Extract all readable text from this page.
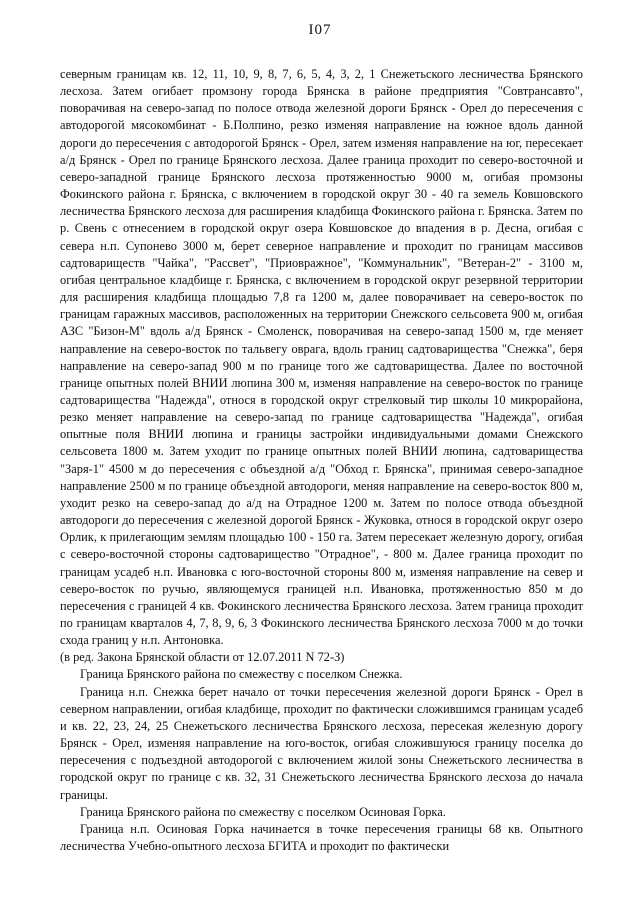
I07

северным границам кв. 12, 11, 10, 9, 8, 7, 6, 5, 4, 3, 2, 1 Снежетьского лесничества Брянского лесхоза. Затем огибает промзону города Брянска в районе предприятия "Совтрансавто", поворачивая на северо-запад по полосе отвода железной дороги Брянск - Орел до пересечения с автодорогой мясокомбинат - Б.Полпино, резко изменяя направление на южное вдоль данной дороги до пересечения с автодорогой Брянск - Орел, затем изменяя направление на юг, пересекает а/д Брянск - Орел по границе Брянского лесхоза. Далее граница проходит по северо-восточной и северо-западной границе Брянского лесхоза протяженностью 9000 м, огибая промзоны Фокинского района г. Брянска, с включением в городской округ 30 - 40 га земель Ковшовского лесничества Брянского лесхоза для расширения кладбища Фокинского района г. Брянска. Затем по р. Свень с отнесением в городской округ озера Ковшовское до впадения в р. Десна, огибая с севера н.п. Супонево 3000 м, берет северное направление и проходит по границам массивов садтовариществ "Чайка", "Рассвет", "Приовражное", "Коммунальник", "Ветеран-2" - 3100 м, огибая центральное кладбище г. Брянска, с включением в городской округ резервной территории для расширения кладбища площадью 7,8 га 1200 м, далее поворачивает на северо-восток по границам гаражных массивов, расположенных на территории Снежского сельсовета 900 м, огибая АЗС "Бизон-М" вдоль а/д Брянск - Смоленск, поворачивая на северо-запад 1500 м, где меняет направление на северо-восток по тальвегу оврага, вдоль границ садтоварищества "Снежка", беря направление на северо-запад 900 м по границе того же садтоварищества. Далее по восточной границе опытных полей ВНИИ люпина 300 м, изменяя направление на северо-восток по границе садтоварищества "Надежда", относя в городской округ стрелковый тир школы 10 микрорайона, резко меняет направление на северо-запад по границе садтоварищества "Надежда", огибая опытные поля ВНИИ люпина и границы застройки индивидуальными домами Снежского сельсовета 1800 м. Затем уходит по границе опытных полей ВНИИ люпина, садтоварищества "Заря-1" 4500 м до пересечения с объездной а/д "Обход г. Брянска", принимая северо-западное направление 2500 м по границе объездной автодороги, меняя направление на северо-восток 800 м, уходит резко на северо-запад до а/д на Отрадное 1200 м. Затем по полосе отвода объездной автодороги до пересечения с железной дорогой Брянск - Жуковка, относя в городской округ озеро Орлик, к прилегающим землям площадью 100 - 150 га. Затем пересекает железную дорогу, огибая с северо-восточной стороны садтоварищество "Отрадное", - 800 м. Далее граница проходит по границам усадеб н.п. Ивановка с юго-восточной стороны 800 м, изменяя направление на север и северо-восток по ручью, являющемуся границей н.п. Ивановка, протяженностью 850 м до пересечения с границей 4 кв. Фокинского лесничества Брянского лесхоза. Затем граница проходит по границам кварталов 4, 7, 8, 9, 6, 3 Фокинского лесничества Брянского лесхоза 7000 м до точки схода границ у н.п. Антоновка.

(в ред. Закона Брянской области от 12.07.2011 N 72-З)

Граница Брянского района по смежеству с поселком Снежка.

Граница н.п. Снежка берет начало от точки пересечения железной дороги Брянск - Орел в северном направлении, огибая кладбище, проходит по фактически сложившимся границам усадеб и кв. 22, 23, 24, 25 Снежетьского лесничества Брянского лесхоза, пересекая железную дорогу Брянск - Орел, изменяя направление на юго-восток, огибая сложившуюся границу поселка до пересечения с подъездной автодорогой с включением жилой зоны Снежетьского лесничества в городской округ по границе с кв. 32, 31 Снежетьского лесничества Брянского лесхоза до начала границы.

Граница Брянского района по смежеству с поселком Осиновая Горка.

Граница н.п. Осиновая Горка начинается в точке пересечения границы 68 кв. Опытного лесничества Учебно-опытного лесхоза БГИТА и проходит по фактически
